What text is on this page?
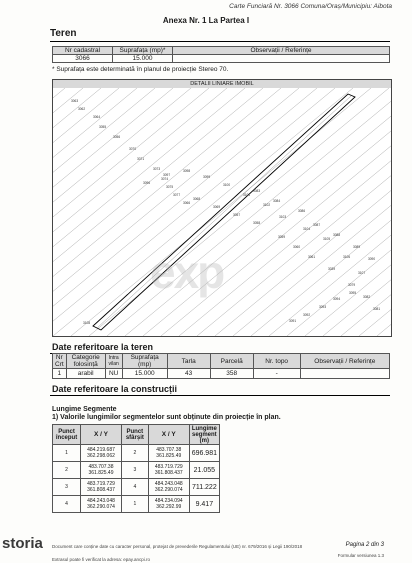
Carte Funciară Nr. 3066 Comuna/Oraș/Municipiu: Aibota
Anexa Nr. 1 La Partea I
Teren
Nr cadastral	Suprafața (mp)*	Observații / Referințe
3066	15.000	
* Suprafața este determinată în planul de proiecție Stereo 70.
DETALII LINIARE IMOBIL
3063
3062
3064
3055
3056
3070
3071
3073
3074
3075
3077
3066
3068
3069
3057
3058
3059
3060
3061
3039
3079
3082
3081
3083
3084
3086
3087
3088
3089
3090
3091
3092
3093
3094
3095
3096
3097
3098
3099
3100
3101
3102
3103
3104
3105
3106
3107
3108
exp
Date referitoare la teren
Nr Crt	Categorie folosință	Intra vilan	Suprafața (mp)	Tarla	Parcelă	Nr. topo	Observații / Referințe
1	arabil	NU	15.000	43	358	-	
Date referitoare la construcții
Lungime Segmente
1) Valorile lungimilor segmentelor sunt obținute din proiecție în plan.
Punct început	X / Y	Punct sfârșit	X / Y	Lungime segment (m)
1	484.219.687
362.298.062	2	483.707.38
361.825.49	696.981
2	483.707.38
361.825.49	3	483.719.729
361.808.437	21.055
3	483.719.729
361.808.437	4	484.243.048
362.290.074	711.222
4	484.243.048
362.290.074	1	484.234.094
362.292.99	9.417
Document care conține date cu caracter personal, protejat de prevederile Regulamentului (UE) nr. 679/2016 și Legii 190/2018
Extrasul poate fi verificat la adresa: epay.ancpi.ro
Pagina 2 din 3
Formular versiunea 1.3
storia
